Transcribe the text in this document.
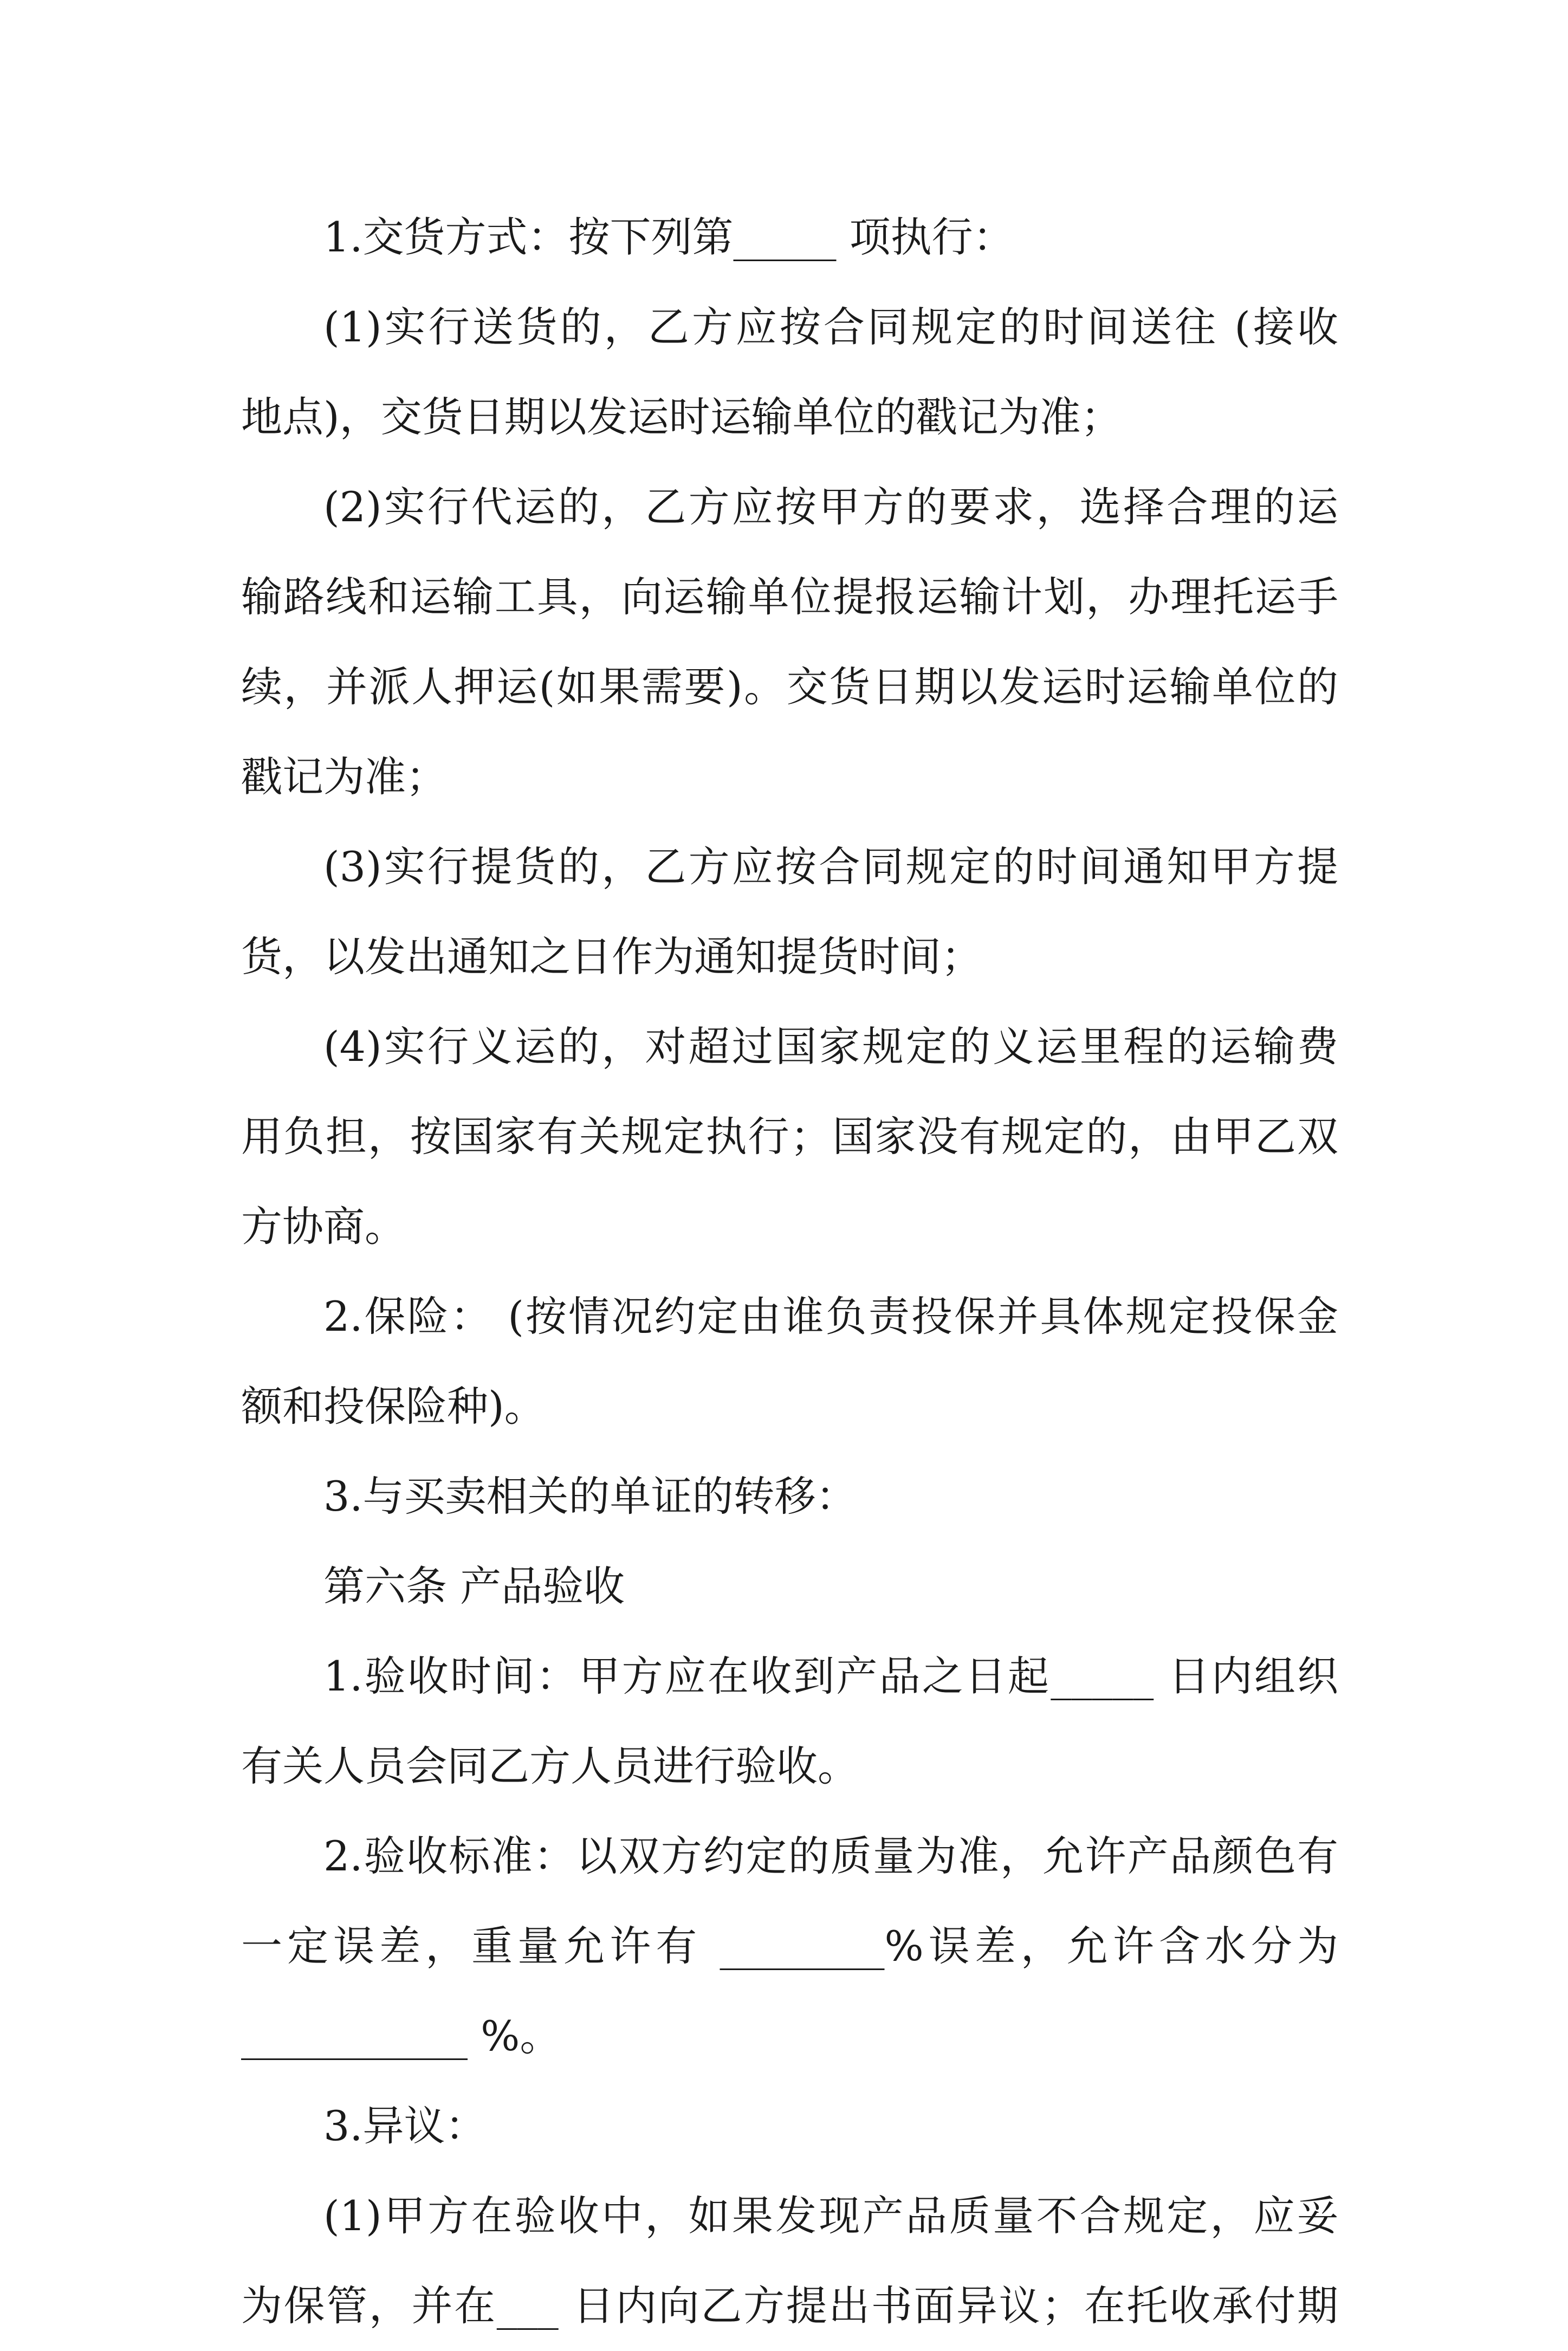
1.交货方式：按下列第_____ 项执行：
(1)实行送货的，乙方应按合同规定的时间送往 (接收
地点)，交货日期以发运时运输单位的戳记为准；
(2)实行代运的，乙方应按甲方的要求，选择合理的运
输路线和运输工具，向运输单位提报运输计划，办理托运手
续，并派人押运(如果需要)。交货日期以发运时运输单位的
戳记为准；
(3)实行提货的，乙方应按合同规定的时间通知甲方提
货，以发出通知之日作为通知提货时间；
(4)实行义运的，对超过国家规定的义运里程的运输费
用负担，按国家有关规定执行；国家没有规定的，由甲乙双
方协商。
2.保险： (按情况约定由谁负责投保并具体规定投保金
额和投保险种)。
3.与买卖相关的单证的转移：
第六条 产品验收
1.验收时间：甲方应在收到产品之日起_____ 日内组织
有关人员会同乙方人员进行验收。
2.验收标准：以双方约定的质量为准，允许产品颜色有
一定误差，重量允许有 ________%误差，允许含水分为
___________ %。
3.异议：
(1)甲方在验收中，如果发现产品质量不合规定，应妥
为保管，并在___ 日内向乙方提出书面异议；在托收承付期
